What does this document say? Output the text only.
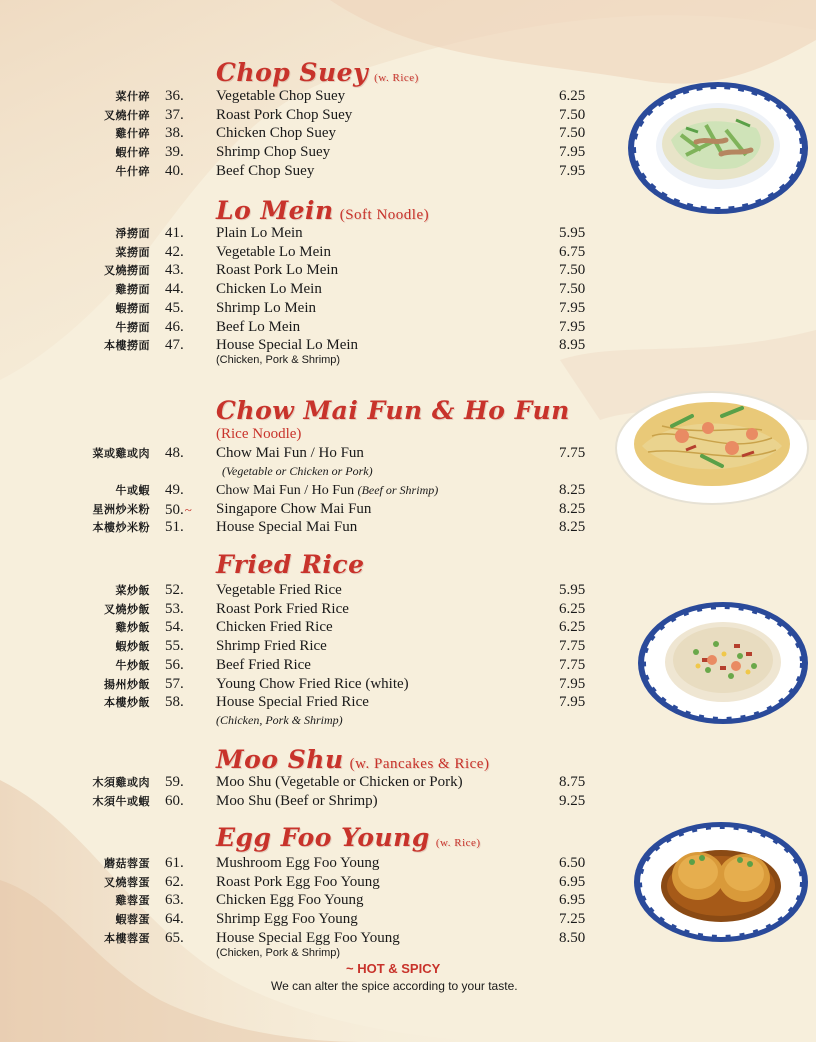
Chop Suey (w. Rice)
菜什碎 36.	Vegetable Chop Suey	6.25
叉燒什碎 37.	Roast Pork Chop Suey	7.50
雞什碎 38.	Chicken Chop Suey	7.50
蝦什碎 39.	Shrimp Chop Suey	7.95
牛什碎 40.	Beef Chop Suey	7.95
Lo Mein (Soft Noodle)
淨撈面 41.	Plain Lo Mein	5.95
菜撈面 42.	Vegetable Lo Mein	6.75
叉燒撈面 43.	Roast Pork Lo Mein	7.50
雞撈面 44.	Chicken Lo Mein	7.50
蝦撈面 45.	Shrimp Lo Mein	7.95
牛撈面 46.	Beef Lo Mein	7.95
本樓撈面 47.	House Special Lo Mein	8.95
(Chicken, Pork & Shrimp)
Chow Mai Fun & Ho Fun
(Rice Noodle)
菜或雞或肉 48.	Chow Mai Fun / Ho Fun	7.75
牛或蝦 49.	Chow Mai Fun / Ho Fun (Beef or Shrimp)	8.25
星洲炒米粉 50.~	Singapore Chow Mai Fun	8.25
本樓炒米粉 51.	House Special Mai Fun	8.25
(Vegetable or Chicken or Pork)
Fried Rice
菜炒飯 52.	Vegetable Fried Rice	5.95
叉燒炒飯 53.	Roast Pork Fried Rice	6.25
雞炒飯 54.	Chicken Fried Rice	6.25
蝦炒飯 55.	Shrimp Fried Rice	7.75
牛炒飯 56.	Beef Fried Rice	7.75
揚州炒飯 57.	Young Chow Fried Rice (white)	7.95
本樓炒飯 58.	House Special Fried Rice	7.95
(Chicken, Pork & Shrimp)
Moo Shu (w. Pancakes & Rice)
木須雞或肉 59.	Moo Shu (Vegetable or Chicken or Pork)	8.75
木須牛或蝦 60.	Moo Shu (Beef or Shrimp)	9.25
Egg Foo Young (w. Rice)
蘑菇蓉蛋 61.	Mushroom Egg Foo Young	6.50
叉燒蓉蛋 62.	Roast Pork Egg Foo Young	6.95
雞蓉蛋 63.	Chicken Egg Foo Young	6.95
蝦蓉蛋 64.	Shrimp Egg Foo Young	7.25
本樓蓉蛋 65.	House Special Egg Foo Young	8.50
(Chicken, Pork & Shrimp)
~ HOT & SPICY
We can alter the spice according to your taste.
